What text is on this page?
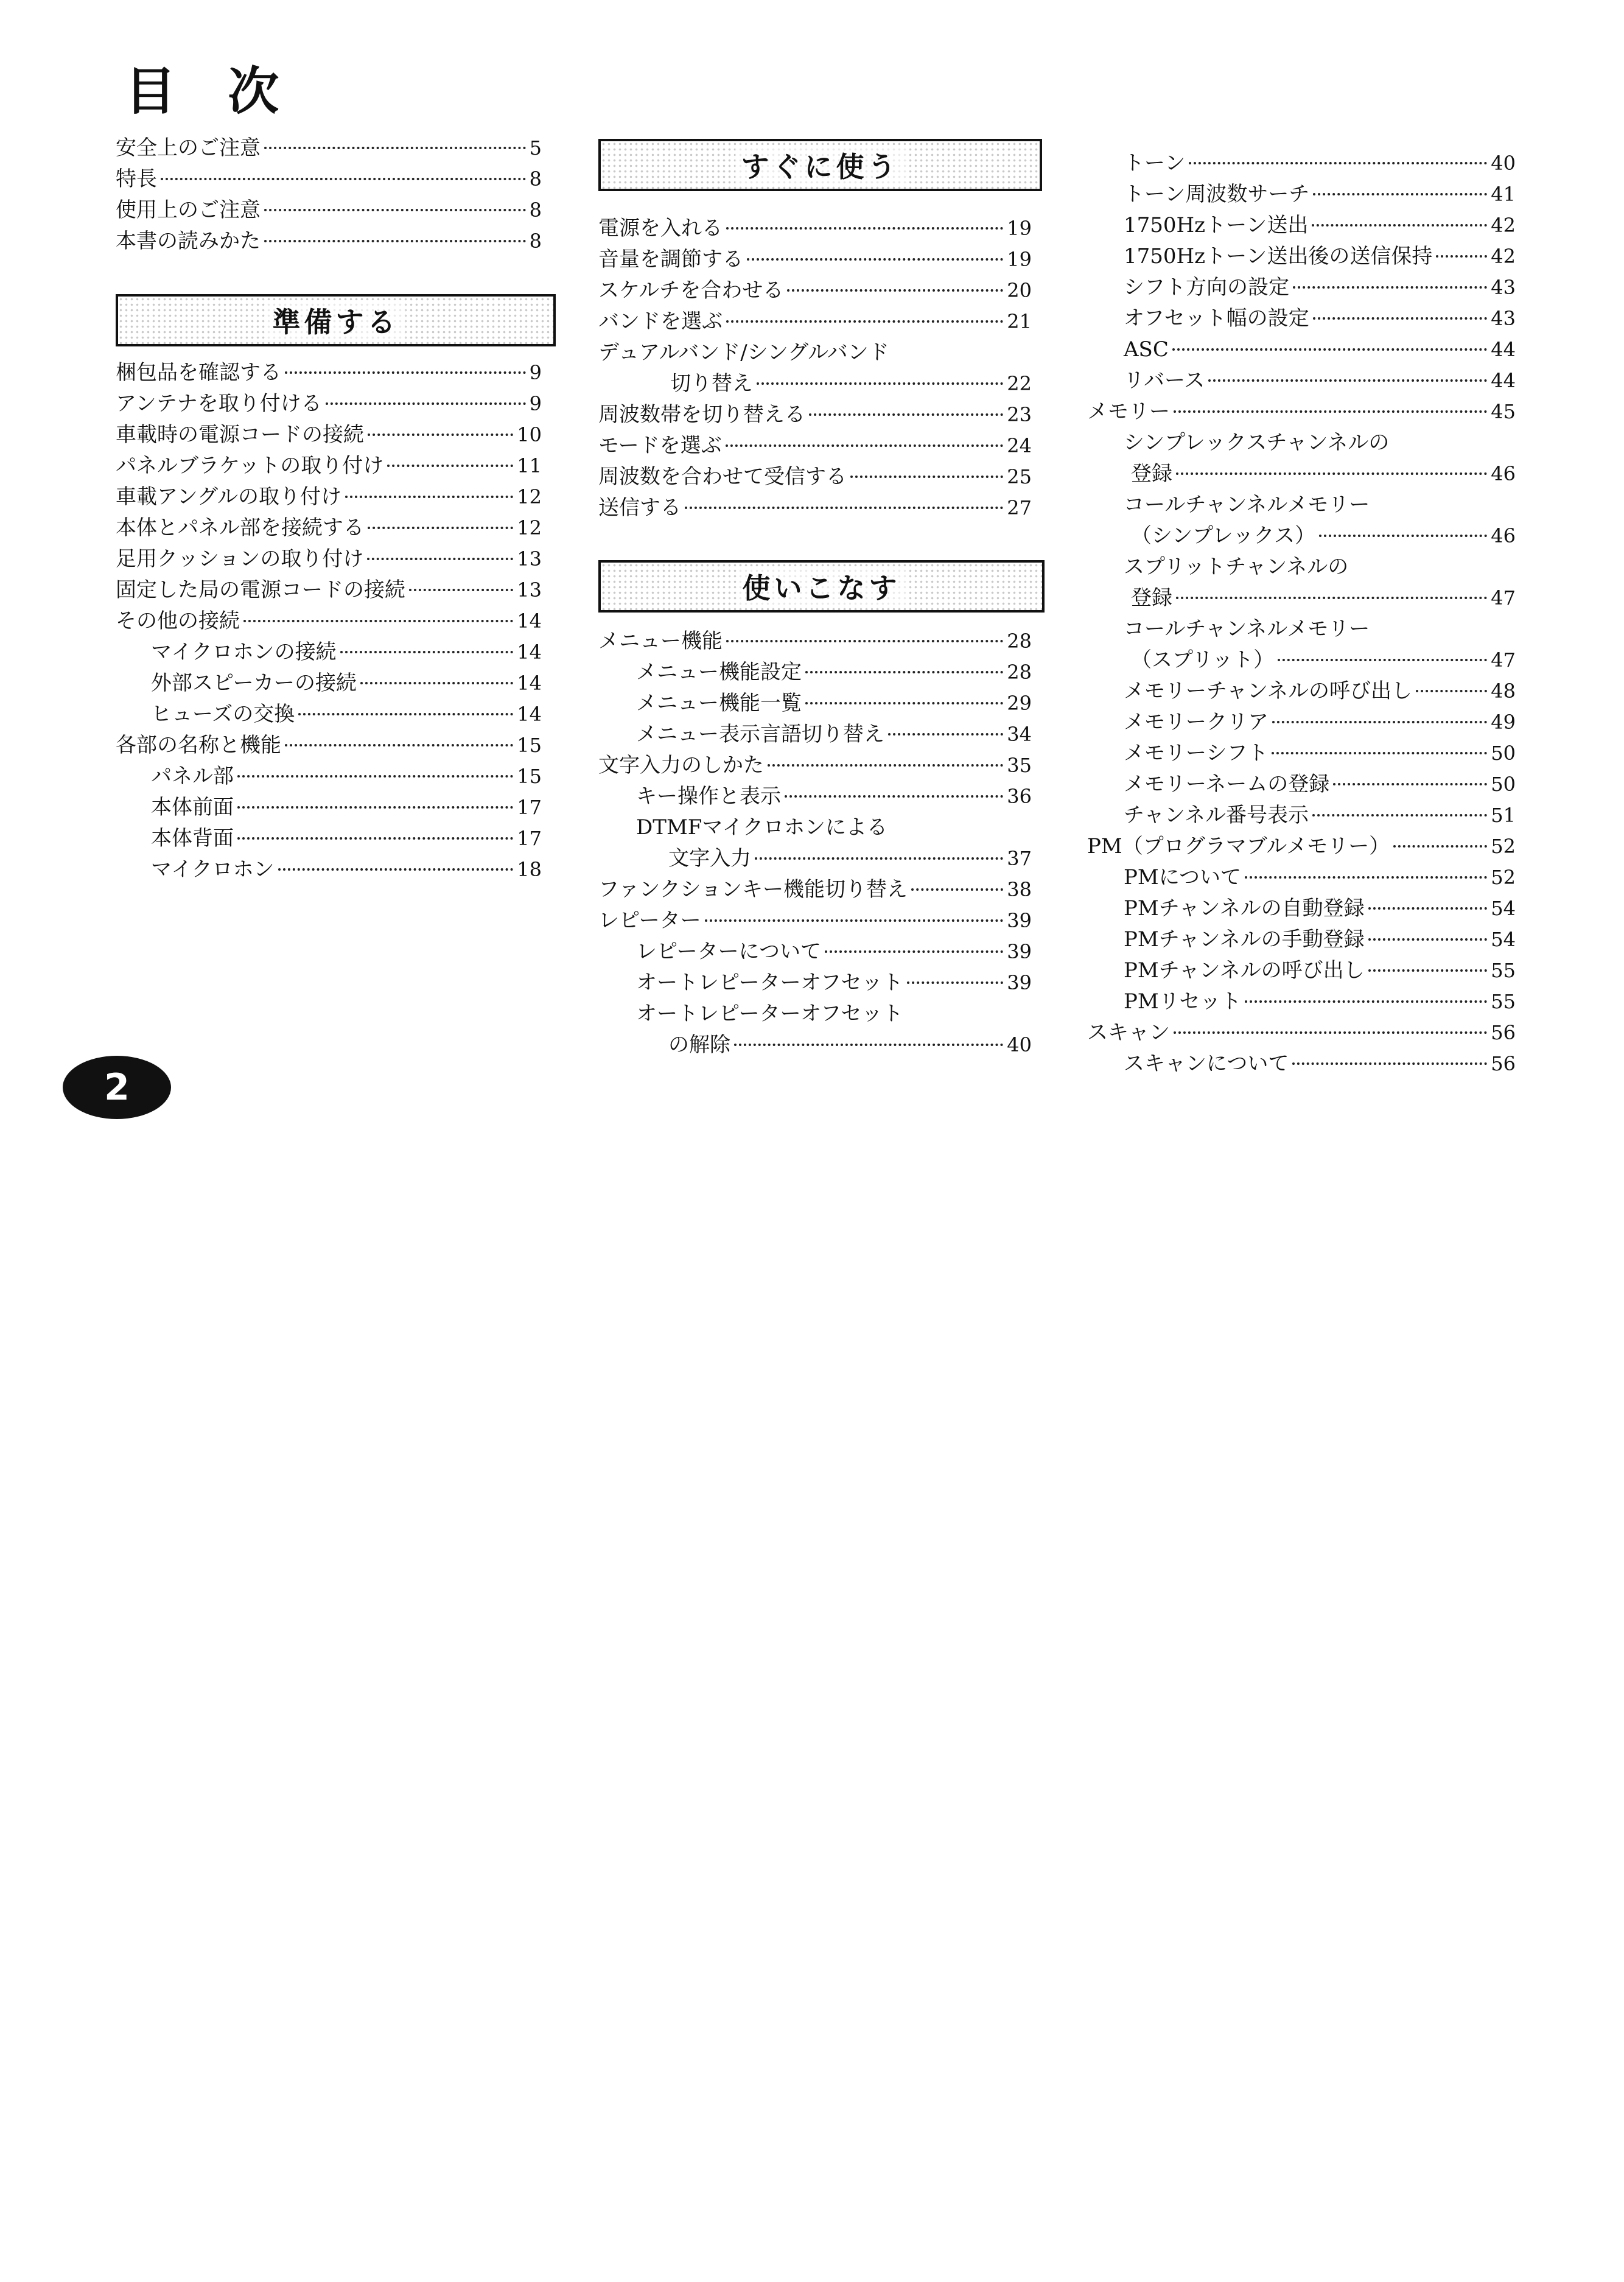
目 次
安全上のご注意	5
特長	8
使用上のご注意	8
本書の読みかた	8
準備する
梱包品を確認する	9
アンテナを取り付ける	9
車載時の電源コードの接続	10
パネルブラケットの取り付け	11
車載アングルの取り付け	12
本体とパネル部を接続する	12
足用クッションの取り付け	13
固定した局の電源コードの接続	13
その他の接続	14
マイクロホンの接続	14
外部スピーカーの接続	14
ヒューズの交換	14
各部の名称と機能	15
パネル部	15
本体前面	17
本体背面	17
マイクロホン	18
すぐに使う
電源を入れる	19
音量を調節する	19
スケルチを合わせる	20
バンドを選ぶ	21
デュアルバンド/シングルバンド
切り替え	22
周波数帯を切り替える	23
モードを選ぶ	24
周波数を合わせて受信する	25
送信する	27
使いこなす
メニュー機能	28
メニュー機能設定	28
メニュー機能一覧	29
メニュー表示言語切り替え	34
文字入力のしかた	35
キー操作と表示	36
DTMFマイクロホンによる
文字入力	37
ファンクションキー機能切り替え	38
レピーター	39
レピーターについて	39
オートレピーターオフセット	39
オートレピーターオフセット
の解除	40
トーン	40
トーン周波数サーチ	41
1750Hzトーン送出	42
1750Hzトーン送出後の送信保持	42
シフト方向の設定	43
オフセット幅の設定	43
ASC	44
リバース	44
メモリー	45
シンプレックスチャンネルの
登録	46
コールチャンネルメモリー
（シンプレックス）	46
スプリットチャンネルの
登録	47
コールチャンネルメモリー
（スプリット）	47
メモリーチャンネルの呼び出し	48
メモリークリア	49
メモリーシフト	50
メモリーネームの登録	50
チャンネル番号表示	51
PM（プログラマブルメモリー）	52
PMについて	52
PMチャンネルの自動登録	54
PMチャンネルの手動登録	54
PMチャンネルの呼び出し	55
PMリセット	55
スキャン	56
スキャンについて	56
2
